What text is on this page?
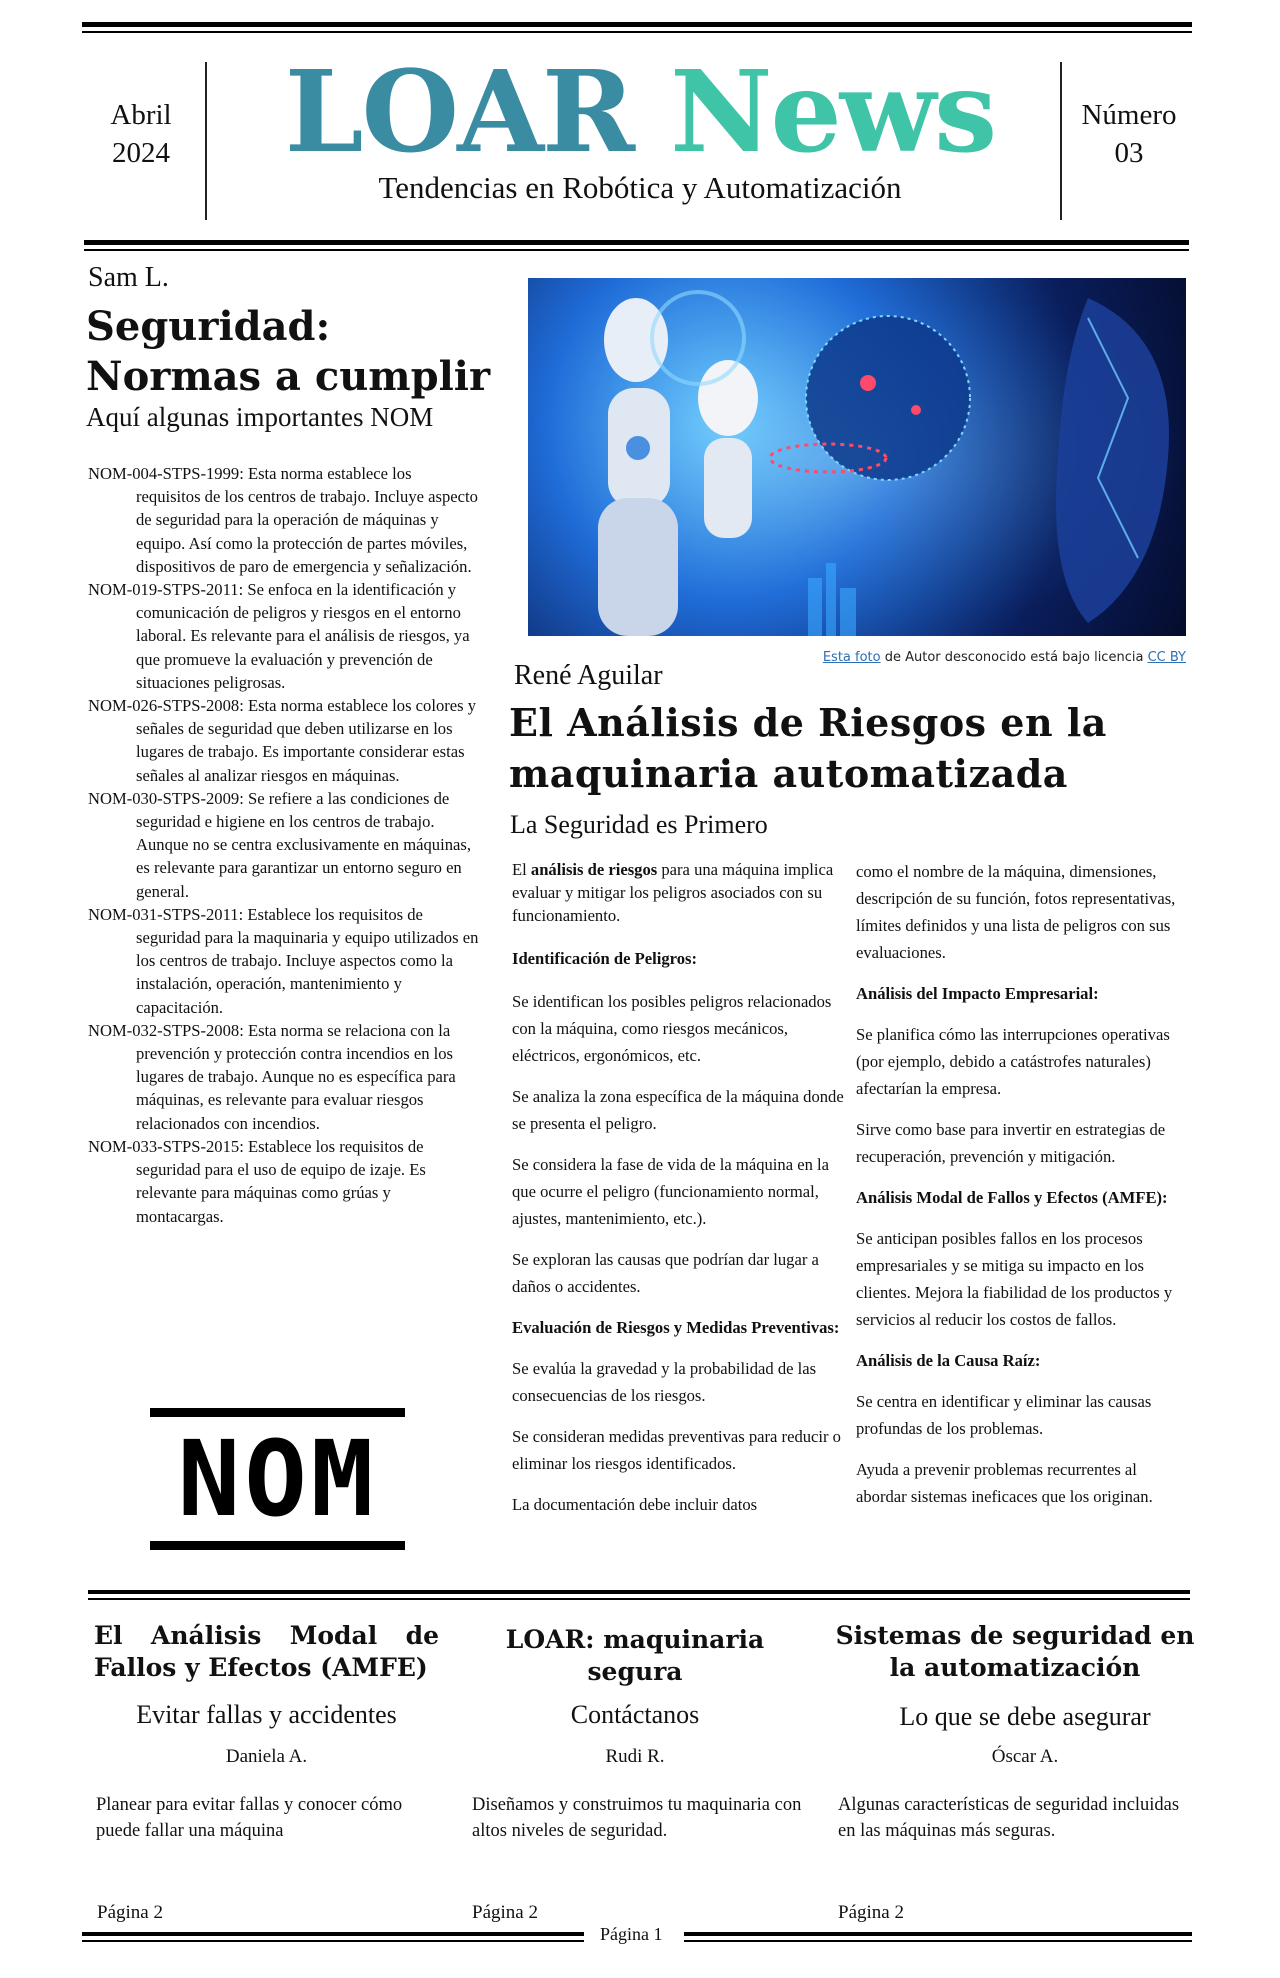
Abril
2024	LOAR News
Tendencias en Robótica y Automatización
Número
03
Sam L.
Seguridad:
Normas a cumplir
Aquí algunas importantes NOM

NOM-004-STPS-1999: Esta norma establece los requisitos de los centros de trabajo. Incluye aspecto de seguridad para la operación de máquinas y equipo. Así como la protección de partes móviles, dispositivos de paro de emergencia y señalización.

NOM-019-STPS-2011: Se enfoca en la identificación y comunicación de peligros y riesgos en el entorno laboral. Es relevante para el análisis de riesgos, ya que promueve la evaluación y prevención de situaciones peligrosas.

NOM-026-STPS-2008: Esta norma establece los colores y señales de seguridad que deben utilizarse en los lugares de trabajo. Es importante considerar estas señales al analizar riesgos en máquinas.

NOM-030-STPS-2009: Se refiere a las condiciones de seguridad e higiene en los centros de trabajo. Aunque no se centra exclusivamente en máquinas, es relevante para garantizar un entorno seguro en general.

NOM-031-STPS-2011: Establece los requisitos de seguridad para la maquinaria y equipo utilizados en los centros de trabajo. Incluye aspectos como la instalación, operación, mantenimiento y capacitación.

NOM-032-STPS-2008: Esta norma se relaciona con la prevención y protección contra incendios en los lugares de trabajo. Aunque no es específica para máquinas, es relevante para evaluar riesgos relacionados con incendios.

NOM-033-STPS-2015: Establece los requisitos de seguridad para el uso de equipo de izaje. Es relevante para máquinas como grúas y montacargas.

NOM
Esta foto de Autor desconocido está bajo licencia CC BY
René Aguilar
El Análisis de Riesgos en la
maquinaria automatizada
La Seguridad es Primero

El análisis de riesgos para una máquina implica evaluar y mitigar los peligros asociados con su funcionamiento.

Identificación de Peligros:

Se identifican los posibles peligros relacionados con la máquina, como riesgos mecánicos, eléctricos, ergonómicos, etc.

Se analiza la zona específica de la máquina donde se presenta el peligro.

Se considera la fase de vida de la máquina en la que ocurre el peligro (funcionamiento normal, ajustes, mantenimiento, etc.).

Se exploran las causas que podrían dar lugar a daños o accidentes.

Evaluación de Riesgos y Medidas Preventivas:

Se evalúa la gravedad y la probabilidad de las consecuencias de los riesgos.

Se consideran medidas preventivas para reducir o eliminar los riesgos identificados.

La documentación debe incluir datos

como el nombre de la máquina, dimensiones, descripción de su función, fotos representativas, límites definidos y una lista de peligros con sus evaluaciones.

Análisis del Impacto Empresarial:

Se planifica cómo las interrupciones operativas (por ejemplo, debido a catástrofes naturales) afectarían la empresa.

Sirve como base para invertir en estrategias de recuperación, prevención y mitigación.

Análisis Modal de Fallos y Efectos (AMFE):

Se anticipan posibles fallos en los procesos empresariales y se mitiga su impacto en los clientes. Mejora la fiabilidad de los productos y servicios al reducir los costos de fallos.

Análisis de la Causa Raíz:

Se centra en identificar y eliminar las causas profundas de los problemas.

Ayuda a prevenir problemas recurrentes al abordar sistemas ineficaces que los originan.

El Análisis Modal de Fallos y Efectos (AMFE)
Evitar fallas y accidentes
Daniela A.
Planear para evitar fallas y conocer cómo puede fallar una máquina
Página 2
LOAR: maquinaria segura
Contáctanos
Rudi R.
Diseñamos y construimos tu maquinaria con altos niveles de seguridad.
Página 2
Sistemas de seguridad en la automatización
Lo que se debe asegurar
Óscar A.
Algunas características de seguridad incluidas en las máquinas más seguras.
Página 2
Página 1
